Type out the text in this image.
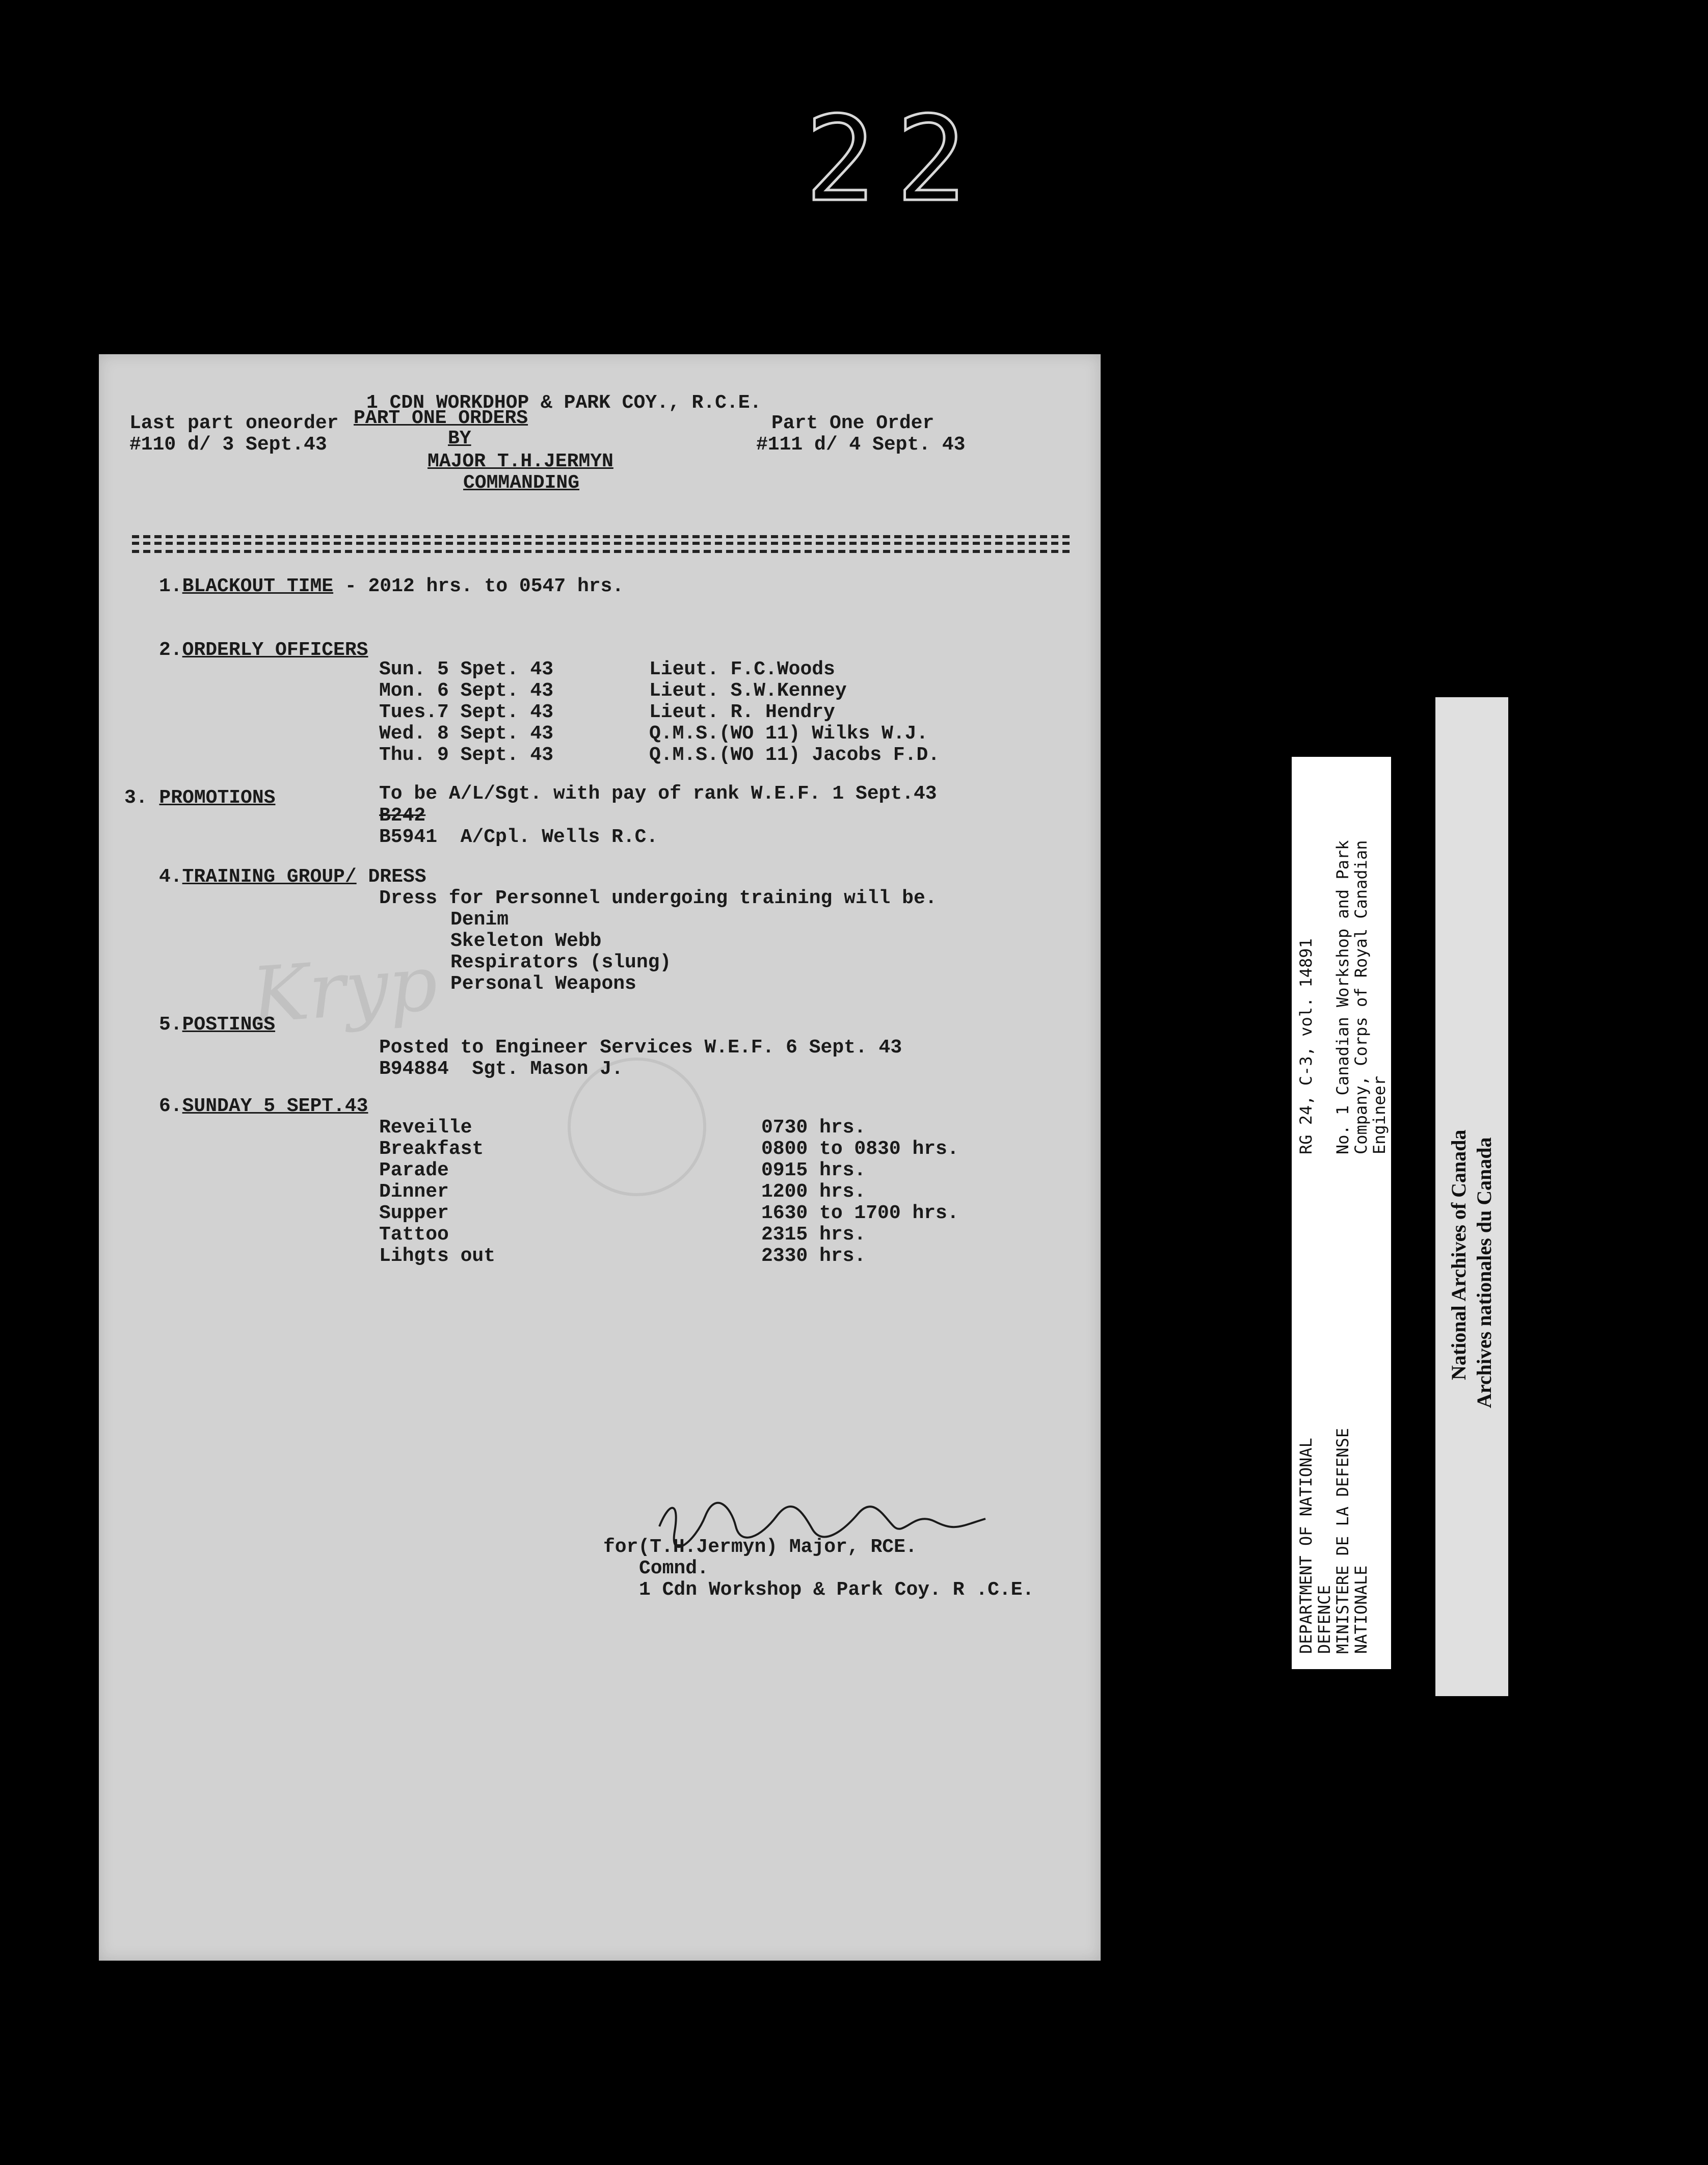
22
Kryp
1 CDN WORKDHOP & PARK COY., R.C.E.
Last part oneorder
#110 d/ 3 Sept.43
PART ONE ORDERS
BY
MAJOR T.H.JERMYN
COMMANDING
Part One Order
#111 d/ 4 Sept. 43
1.BLACKOUT TIME - 2012 hrs. to 0547 hrs.
2.ORDERLY OFFICERS
Sun. 5 Spet. 43	Lieut. F.C.Woods
Mon. 6 Sept. 43	Lieut. S.W.Kenney
Tues.7 Sept. 43	Lieut. R. Hendry
Wed. 8 Sept. 43	Q.M.S.(WO 11) Wilks W.J.
Thu. 9 Sept. 43	Q.M.S.(WO 11) Jacobs F.D.
3. PROMOTIONS	To be A/L/Sgt. with pay of rank W.E.F. 1 Sept.43
B242
B5941  A/Cpl. Wells R.C.
4.TRAINING GROUP/ DRESS
Dress for Personnel undergoing training will be.
Denim
Skeleton Webb
Respirators (slung)
Personal Weapons
5.POSTINGS
Posted to Engineer Services W.E.F. 6 Sept. 43
B94884  Sgt. Mason J.
6.SUNDAY 5 SEPT.43
Reveille	0730 hrs.
Breakfast	0800 to 0830 hrs.
Parade	0915 hrs.
Dinner	1200 hrs.
Supper	1630 to 1700 hrs.
Tattoo	2315 hrs.
Lihgts out	2330 hrs.
for(T.H.Jermyn) Major, RCE.
Comnd.
1 Cdn Workshop & Park Coy. R .C.E.	DEPARTMENT OF NATIONAL
DEFENCE
MINISTERE DE LA DEFENSE
NATIONALE
RG 24, C-3, vol. 14891

No. 1 Canadian Workshop and Park
Company, Corps of Royal Canadian
Engineer
National Archives of Canada Archives nationales du Canada
